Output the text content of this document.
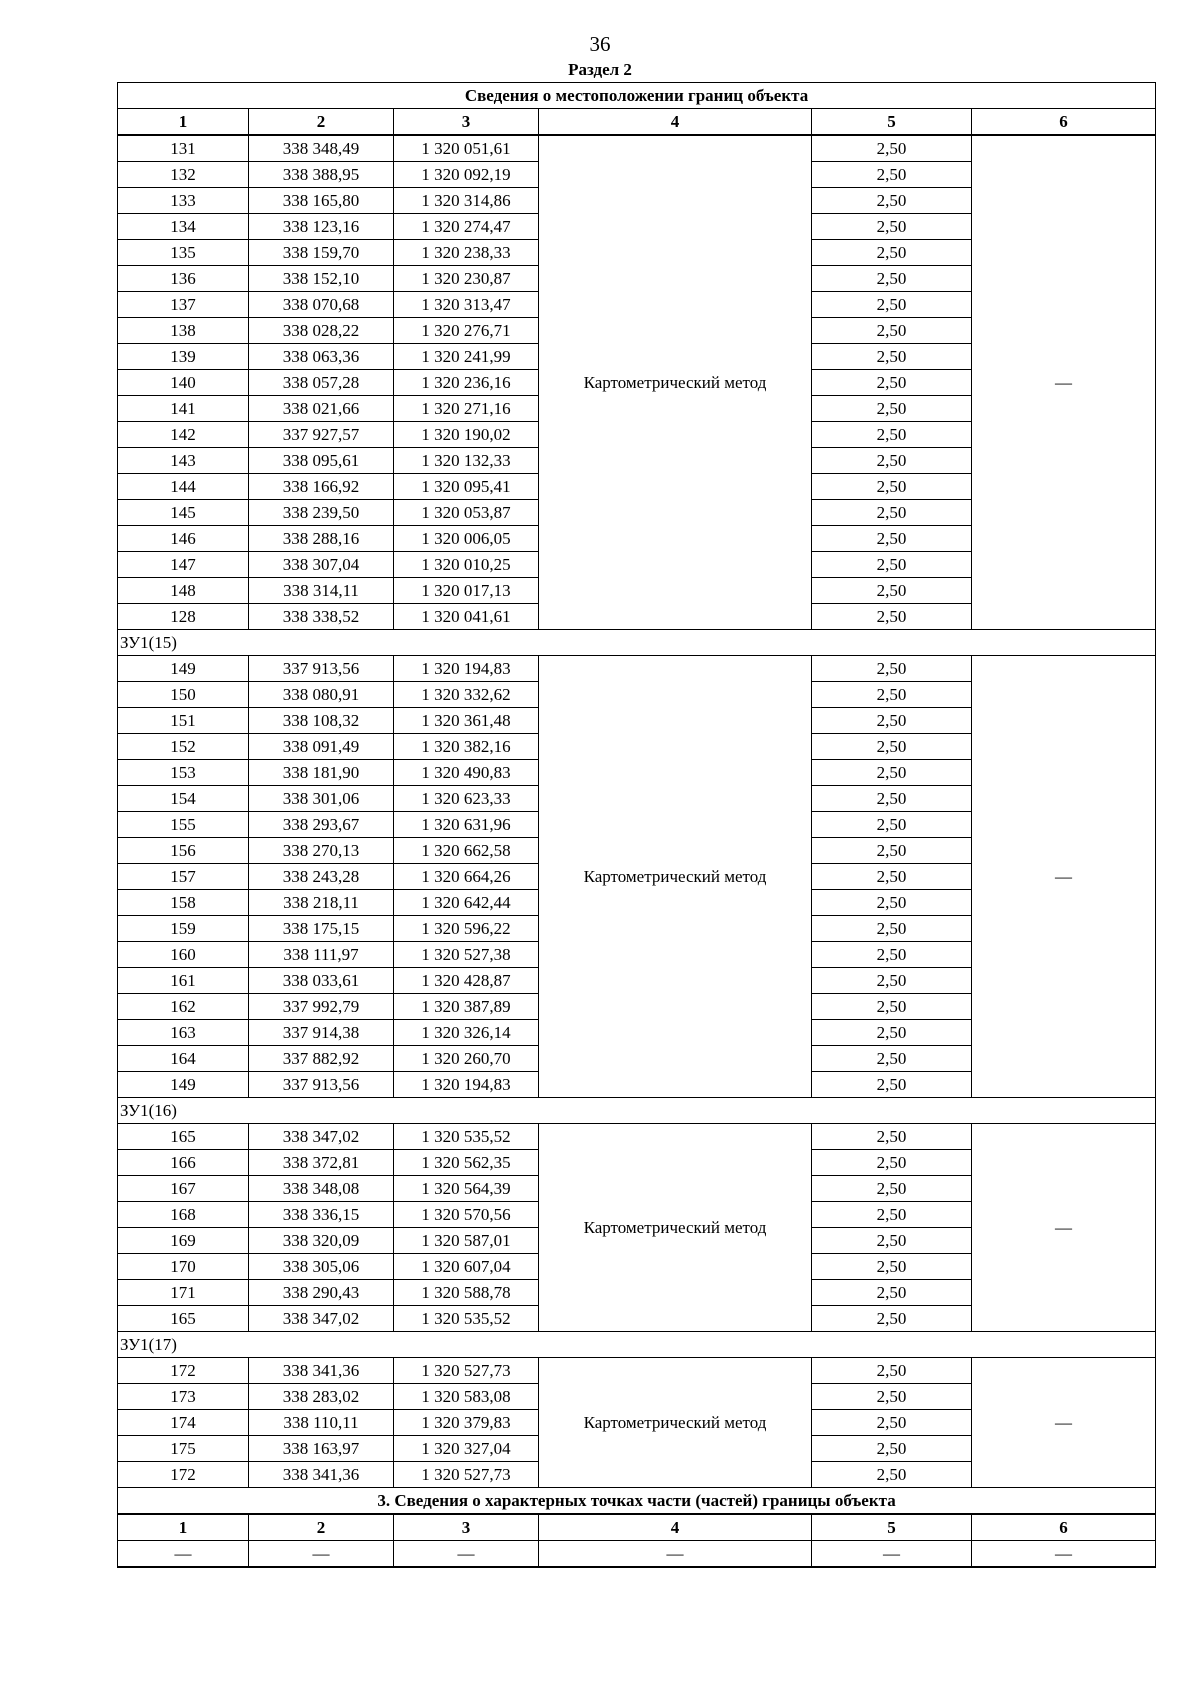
36
Раздел 2
Сведения о местоположении границ объекта					
1	2	3	4	5	6
131	338 348,49	1 320 051,61	Картометрический метод	2,50	—
132	338 388,95	1 320 092,19		2,50	
133	338 165,80	1 320 314,86		2,50	
134	338 123,16	1 320 274,47		2,50	
135	338 159,70	1 320 238,33		2,50	
136	338 152,10	1 320 230,87		2,50	
137	338 070,68	1 320 313,47		2,50	
138	338 028,22	1 320 276,71		2,50	
139	338 063,36	1 320 241,99		2,50	
140	338 057,28	1 320 236,16		2,50	
141	338 021,66	1 320 271,16		2,50	
142	337 927,57	1 320 190,02		2,50	
143	338 095,61	1 320 132,33		2,50	
144	338 166,92	1 320 095,41		2,50	
145	338 239,50	1 320 053,87		2,50	
146	338 288,16	1 320 006,05		2,50	
147	338 307,04	1 320 010,25		2,50	
148	338 314,11	1 320 017,13		2,50	
128	338 338,52	1 320 041,61		2,50	
ЗУ1(15)					
149	337 913,56	1 320 194,83	Картометрический метод	2,50	—
150	338 080,91	1 320 332,62		2,50	
151	338 108,32	1 320 361,48		2,50	
152	338 091,49	1 320 382,16		2,50	
153	338 181,90	1 320 490,83		2,50	
154	338 301,06	1 320 623,33		2,50	
155	338 293,67	1 320 631,96		2,50	
156	338 270,13	1 320 662,58		2,50	
157	338 243,28	1 320 664,26		2,50	
158	338 218,11	1 320 642,44		2,50	
159	338 175,15	1 320 596,22		2,50	
160	338 111,97	1 320 527,38		2,50	
161	338 033,61	1 320 428,87		2,50	
162	337 992,79	1 320 387,89		2,50	
163	337 914,38	1 320 326,14		2,50	
164	337 882,92	1 320 260,70		2,50	
149	337 913,56	1 320 194,83		2,50	
ЗУ1(16)					
165	338 347,02	1 320 535,52	Картометрический метод	2,50	—
166	338 372,81	1 320 562,35		2,50	
167	338 348,08	1 320 564,39		2,50	
168	338 336,15	1 320 570,56		2,50	
169	338 320,09	1 320 587,01		2,50	
170	338 305,06	1 320 607,04		2,50	
171	338 290,43	1 320 588,78		2,50	
165	338 347,02	1 320 535,52		2,50	
ЗУ1(17)					
172	338 341,36	1 320 527,73	Картометрический метод	2,50	—
173	338 283,02	1 320 583,08		2,50	
174	338 110,11	1 320 379,83		2,50	
175	338 163,97	1 320 327,04		2,50	
172	338 341,36	1 320 527,73		2,50	
3. Сведения о характерных точках части (частей) границы объекта					
1	2	3	4	5	6
—	—	—	—	—	—
